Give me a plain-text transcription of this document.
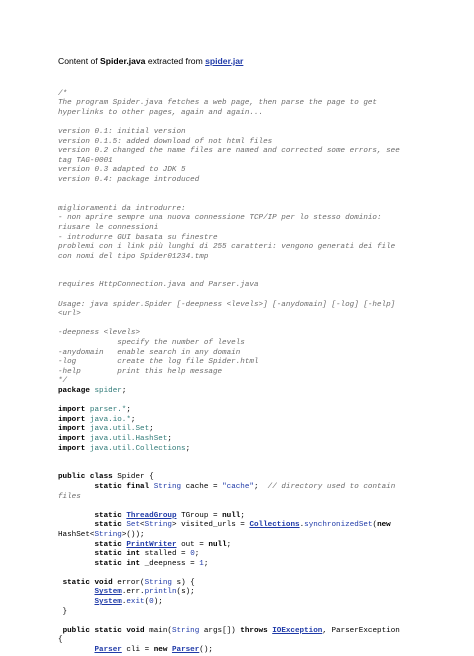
Content of Spider.java extracted from spider.jar
/*
The program Spider.java fetches a web page, then parse the page to get
hyperlinks to other pages, again and again...
version 0.1: initial version
version 0.1.5: added download of not html files
version 0.2 changed the name files are named and corrected some errors, see
tag TAG-0001
version 0.3 adapted to JDK 5
version 0.4: package introduced
miglioramenti da introdurre:
- non aprire sempre una nuova connessione TCP/IP per lo stesso dominio:
riusare le connessioni
- introdurre GUI basata su finestre
problemi con i link più lunghi di 255 caratteri: vengono generati dei file
con nomi del tipo Spider01234.tmp
requires HttpConnection.java and Parser.java
Usage: java spider.Spider [-deepness <levels>] [-anydomain] [-log] [-help]
<url>
-deepness <levels>
specify the number of levels
-anydomain   enable search in any domain
-log         create the log file Spider.html
-help        print this help message
*/
package spider;
import parser.*;
import java.io.*;
import java.util.Set;
import java.util.HashSet;
import java.util.Collections;
public class Spider {
static final String cache = "cache";  // directory used to contain
files
static ThreadGroup TGroup = null;
static Set<String> visited_urls = Collections.synchronizedSet(new
HashSet<String>());
static PrintWriter out = null;
static int stalled = 0;
static int _deepness = 1;
static void error(String s) {
System.err.println(s);
System.exit(0);
}
public static void main(String args[]) throws IOException, ParserException
{
Parser cli = new Parser();
